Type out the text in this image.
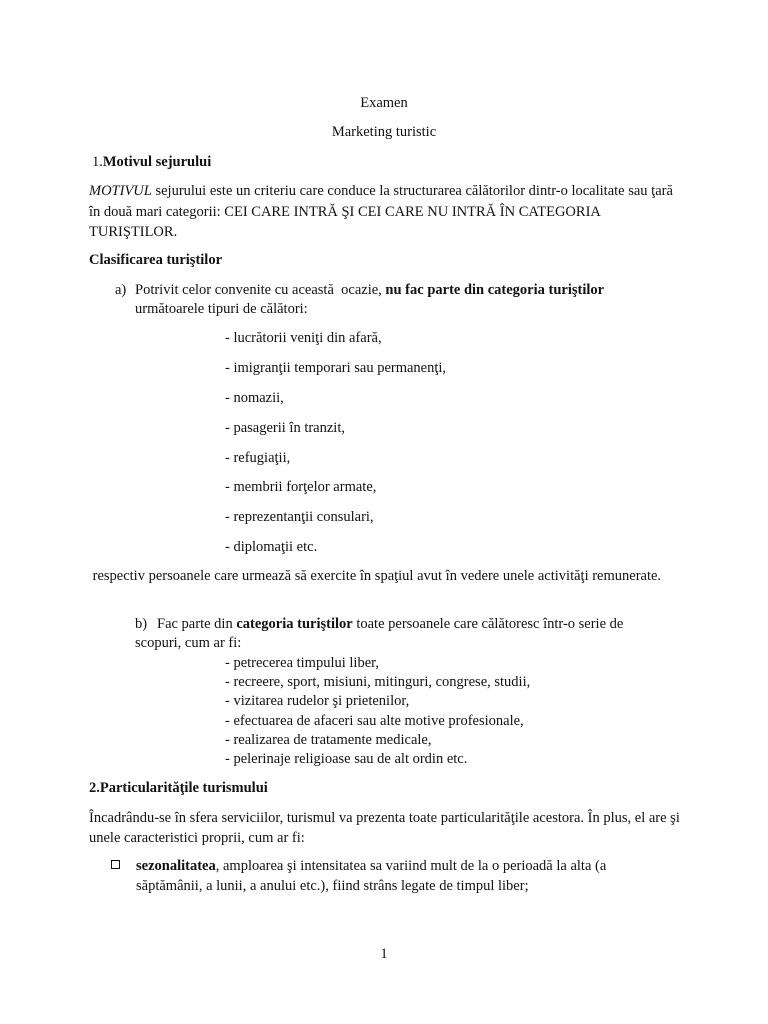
Examen
Marketing turistic
1.Motivul sejurului
MOTIVUL sejurului este un criteriu care conduce la structurarea călătorilor dintr-o localitate sau ţară în două mari categorii: CEI CARE INTRĂ ŞI CEI CARE NU INTRĂ ÎN CATEGORIA TURIŞTILOR.
Clasificarea turiştilor
a) Potrivit celor convenite cu această  ocazie, nu fac parte din categoria turiştilor
următoarele tipuri de călători:
- lucrătorii veniţi din afară,
- imigranţii temporari sau permanenţi,
- nomazii,
- pasagerii în tranzit,
- refugiaţii,
- membrii forţelor armate,
- reprezentanţii consulari,
- diplomaţii etc.
respectiv persoanele care urmează să exercite în spaţiul avut în vedere unele activităţi remunerate.
b) Fac parte din categoria turiştilor toate persoanele care călătoresc într-o serie de
scopuri, cum ar fi:
- petrecerea timpului liber,
- recreere, sport, misiuni, mitinguri, congrese, studii,
- vizitarea rudelor şi prietenilor,
- efectuarea de afaceri sau alte motive profesionale,
- realizarea de tratamente medicale,
- pelerinaje religioase sau de alt ordin etc.
2.Particularităţile turismului
Încadrându-se în sfera serviciilor, turismul va prezenta toate particularităţile acestora. În plus, el are şi unele caracteristici proprii, cum ar fi:
sezonalitatea, amploarea şi intensitatea sa variind mult de la o perioadă la alta (a
săptămânii, a lunii, a anului etc.), fiind strâns legate de timpul liber;
1
